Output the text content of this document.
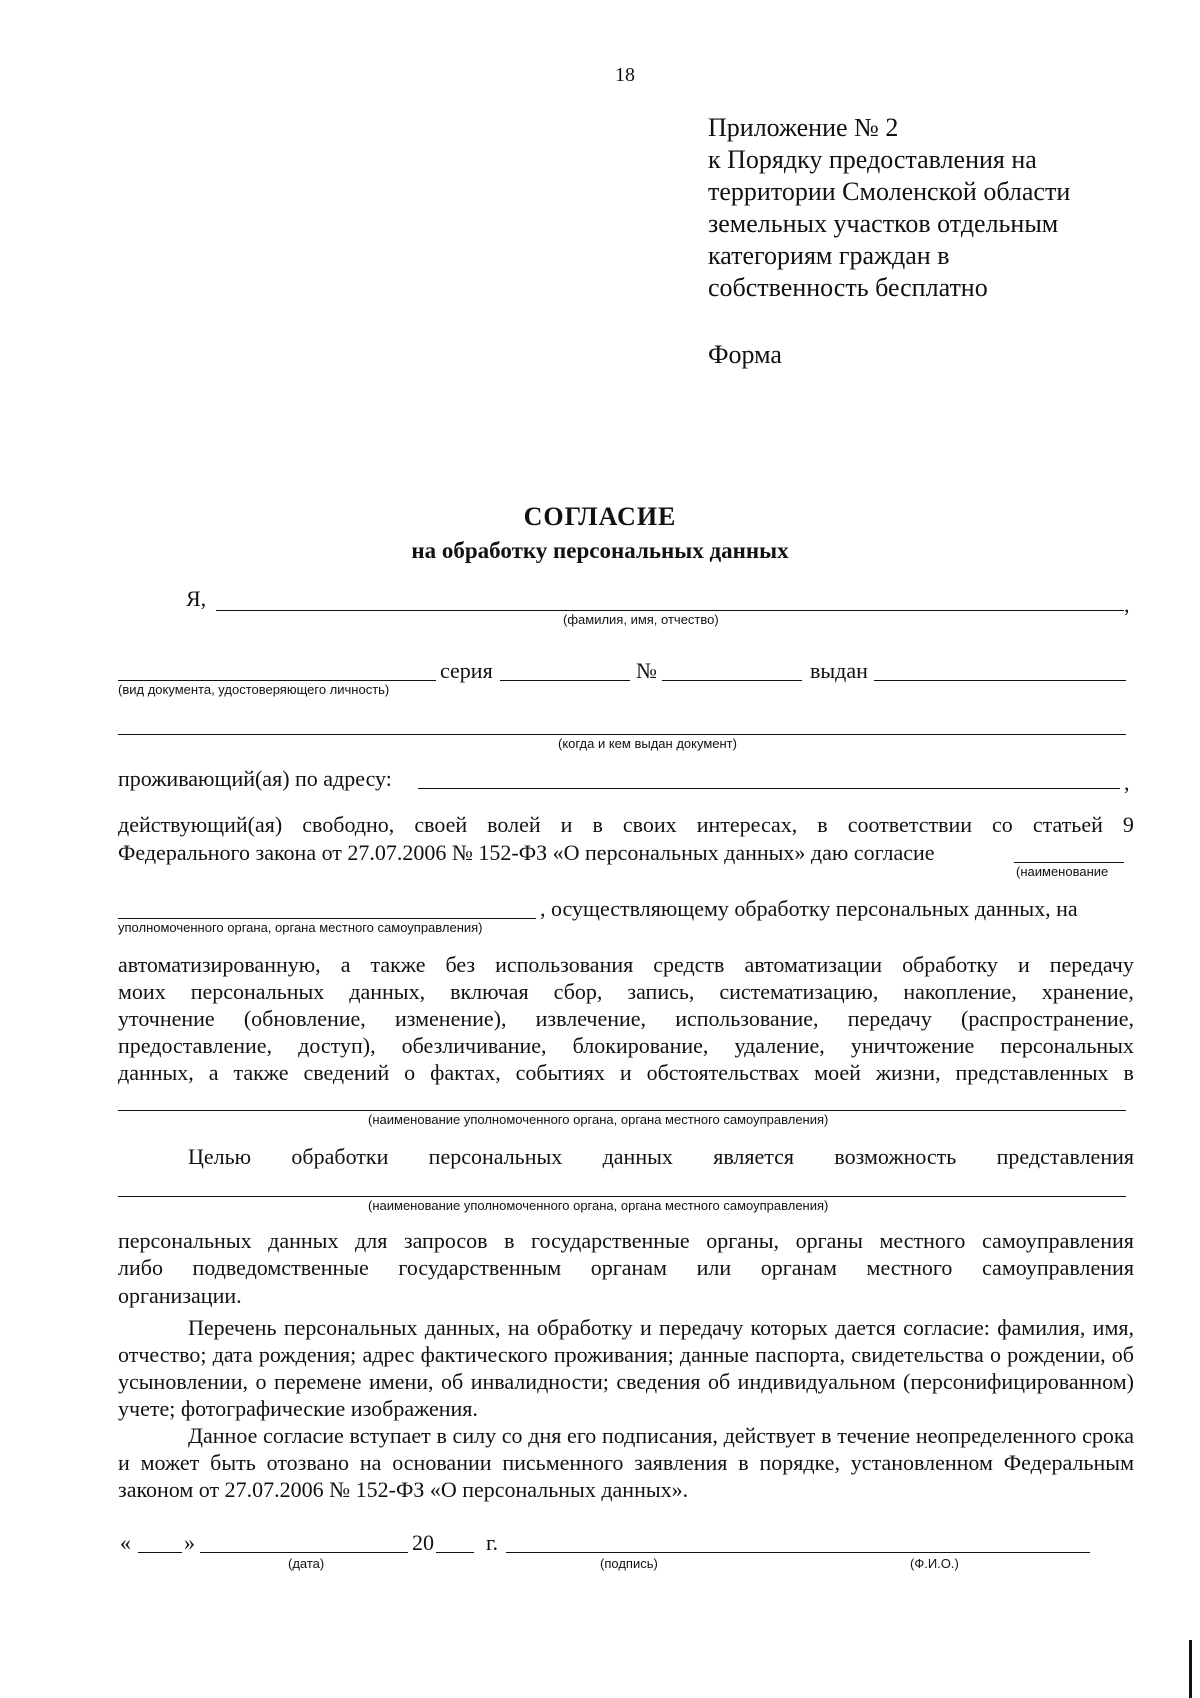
18
Приложение № 2
к Порядку предоставления на
территории Смоленской области
земельных участков отдельным
категориям граждан в
собственность бесплатно
Форма
СОГЛАСИЕ
на обработку персональных данных
Я,	,
(фамилия, имя, отчество)
серия	№	выдан
(вид документа, удостоверяющего личность)
(когда и кем выдан документ)
проживающий(ая) по адресу:	,
действующий(ая) свободно, своей волей и в своих интересах, в соответствии со статьей 9
Федерального закона от 27.07.2006 № 152-ФЗ «О персональных данных» даю согласие
(наименование
, осуществляющему обработку персональных данных, на
уполномоченного органа, органа местного самоуправления)
автоматизированную, а также без использования средств автоматизации обработку и передачу
моих персональных данных, включая сбор, запись, систематизацию, накопление, хранение,
уточнение (обновление, изменение), извлечение, использование, передачу (распространение,
предоставление, доступ), обезличивание, блокирование, удаление, уничтожение персональных
данных, а также сведений о фактах, событиях и обстоятельствах моей жизни, представленных в
(наименование уполномоченного органа, органа местного самоуправления)
Целью обработки персональных данных является возможность представления
(наименование уполномоченного органа, органа местного самоуправления)
персональных данных для запросов в государственные органы, органы местного самоуправления
либо подведомственные государственным органам или органам местного самоуправления
организации.
Перечень персональных данных, на обработку и передачу которых дается согласие: фамилия, имя, отчество; дата рождения; адрес фактического проживания; данные паспорта, свидетельства о рождении, об усыновлении, о перемене имени, об инвалидности; сведения об индивидуальном (персонифицированном) учете; фотографические изображения.
Данное согласие вступает в силу со дня его подписания, действует в течение неопределенного срока и может быть отозвано на основании письменного заявления в порядке, установленном Федеральным законом от 27.07.2006 № 152-ФЗ «О персональных данных».
« »	20 г.
(дата)	(подпись)	(Ф.И.О.)
